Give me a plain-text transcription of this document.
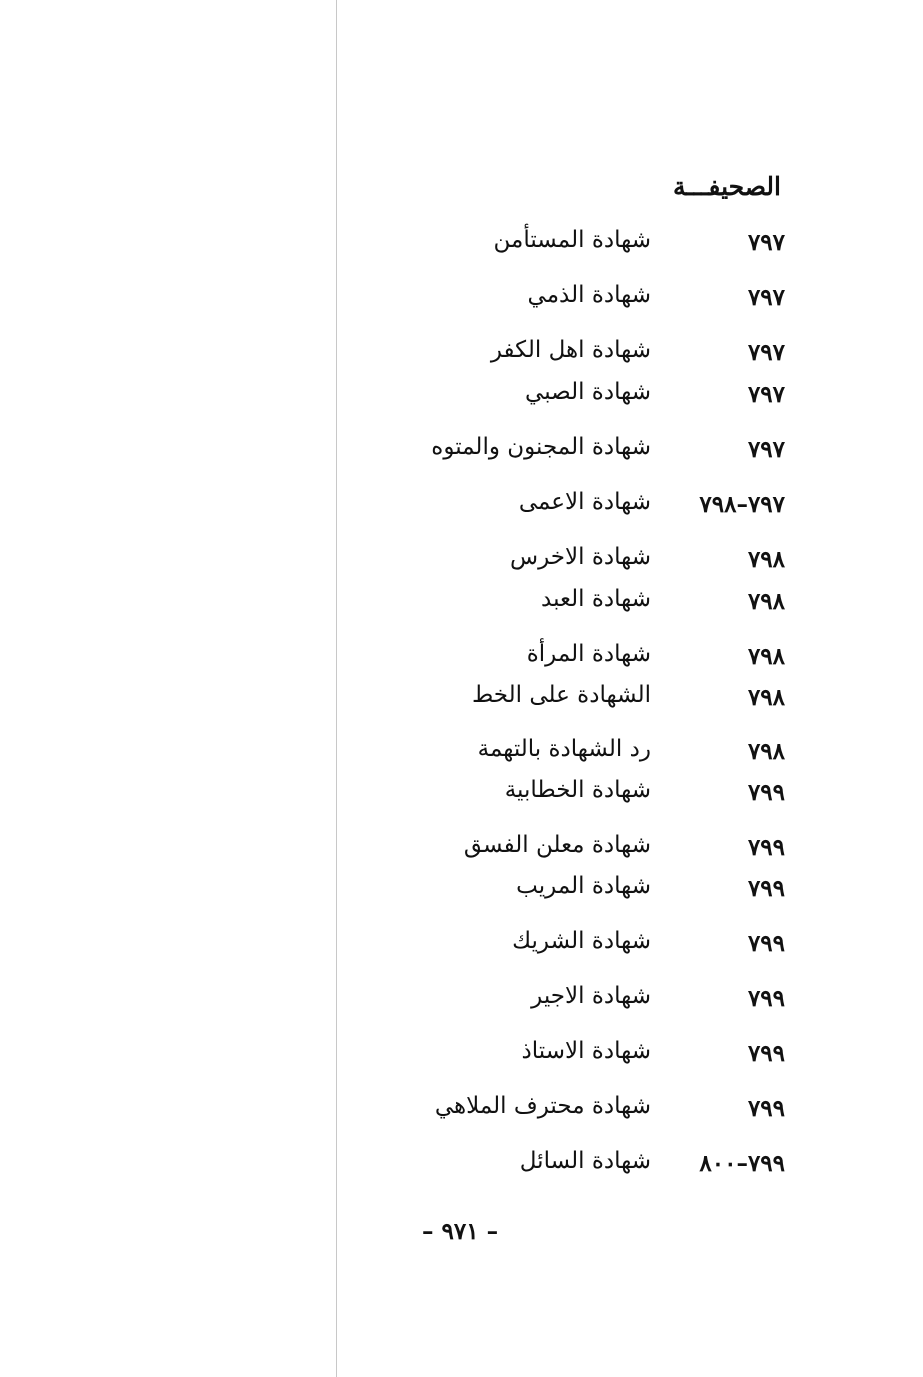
الصحيفـــة
٧٩٧
شهادة المستأمن
٧٩٧
شهادة الذمي
٧٩٧
شهادة اهل الكفر
٧٩٧
شهادة الصبي
٧٩٧
شهادة المجنون والمتوه
٧٩٧–٧٩٨
شهادة الاعمى
٧٩٨
شهادة الاخرس
٧٩٨
شهادة العبد
٧٩٨
شهادة المرأة
٧٩٨
الشهادة على الخط
٧٩٨
رد الشهادة بالتهمة
٧٩٩
شهادة الخطابية
٧٩٩
شهادة معلن الفسق
٧٩٩
شهادة المريب
٧٩٩
شهادة الشريك
٧٩٩
شهادة الاجير
٧٩٩
شهادة الاستاذ
٧٩٩
شهادة محترف الملاهي
٧٩٩–٨٠٠
شهادة السائل
– ٩٧١ –
